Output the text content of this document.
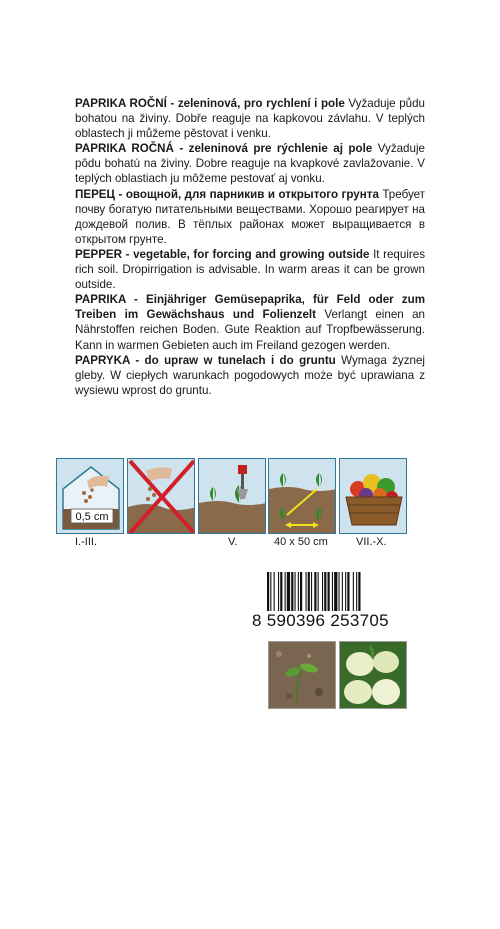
PAPRIKA ROČNÍ - zeleninová, pro rychlení i pole Vyžaduje půdu bohatou na živiny. Dobře reaguje na kapkovou závlahu. V teplých oblastech ji můžeme pěstovat i venku.

PAPRIKA ROČNÁ - zeleninová pre rýchlenie aj pole Vyžaduje pôdu bohatú na živiny. Dobre reaguje na kvapkové zavlažovanie. V teplých oblastiach ju môžeme pestovať aj vonku.

ПЕРЕЦ - овощной, для парникив и открытого грунта Требует почву богатую питательными веществами. Хорошо реагирует на дождевой полив. В тёплых районах может выращивается в открытом грунте.

PEPPER - vegetable, for forcing and growing outside It requires rich soil. Dropirrigation is advisable. In warm areas it can be grown outside.

PAPRIKA - Einjähriger Gemüsepaprika, für Feld oder zum Treiben im Gewächshaus und Folienzelt Verlangt einen an Nährstoffen reichen Boden. Gute Reaktion auf Tropfbewässerung. Kann in warmen Gebieten auch im Freiland gezogen werden.

PAPRYKA - do upraw w tunelach i do gruntu Wymaga żyznej gleby. W ciepłych warunkach pogodowych może być uprawiana z wysiewu wprost do gruntu.

0,5 cm
I.-III.	V.	40 x 50 cm	VII.-X.
8 590396 253705
